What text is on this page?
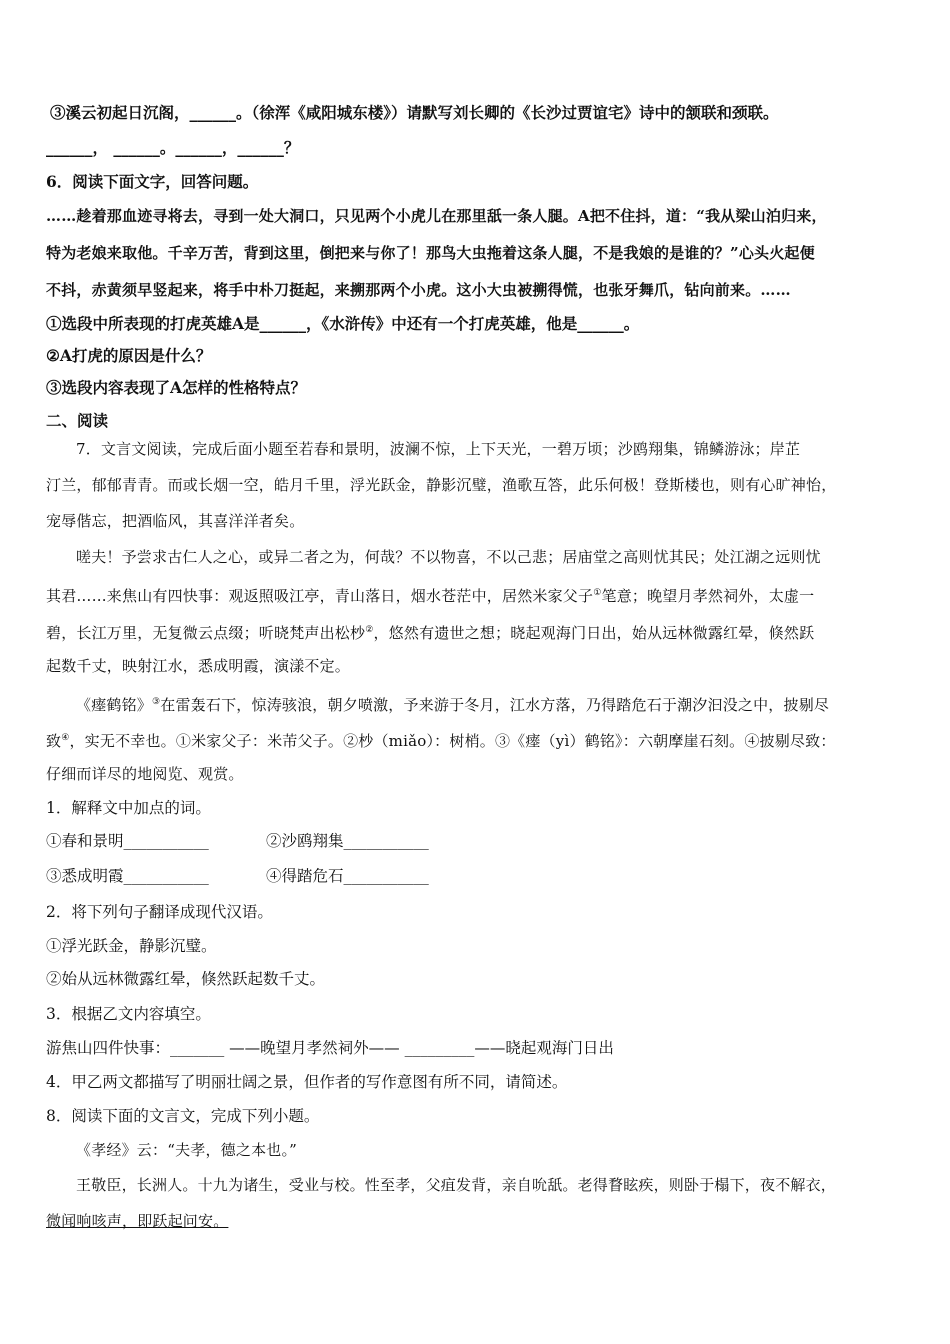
③溪云初起日沉阁，______。（徐浑《咸阳城东楼》）请默写刘长卿的《长沙过贾谊宅》诗中的颔联和颈联。
______， ______。______，______？
6．阅读下面文字，回答问题。
……趁着那血迹寻将去，寻到一处大洞口，只见两个小虎儿在那里舐一条人腿。A把不住抖，道：“我从梁山泊归来，
特为老娘来取他。千辛万苦，背到这里，倒把来与你了！那鸟大虫拖着这条人腿，不是我娘的是谁的？”心头火起便
不抖，赤黄须早竖起来，将手中朴刀挺起，来搠那两个小虎。这小大虫被搠得慌，也张牙舞爪，钻向前来。……
①选段中所表现的打虎英雄A是______，《水浒传》中还有一个打虎英雄，他是______。
②A打虎的原因是什么？
③选段内容表现了A怎样的性格特点？
二、阅读
7．文言文阅读，完成后面小题至若春和景明，波澜不惊，上下天光，一碧万顷；沙鸥翔集，锦鳞游泳；岸芷
汀兰，郁郁青青。而或长烟一空，皓月千里，浮光跃金，静影沉璧，渔歌互答，此乐何极！登斯楼也，则有心旷神怡，
宠辱偕忘，把酒临风，其喜洋洋者矣。
嗟夫！予尝求古仁人之心，或异二者之为，何哉？不以物喜，不以己悲；居庙堂之高则忧其民；处江湖之远则忧
其君……来焦山有四快事：观返照吸江亭，青山落日，烟水苍茫中，居然米家父子①笔意；晚望月孝然祠外，太虚一
碧，长江万里，无复微云点缀；听晓梵声出松杪②，悠然有遗世之想；晓起观海门日出，始从远林微露红晕，倏然跃
起数千丈，映射江水，悉成明霞，演漾不定。
《瘗鹤铭》③在雷轰石下，惊涛骇浪，朝夕喷激，予来游于冬月，江水方落，乃得踏危石于潮汐汩没之中，披剔尽
致④，实无不幸也。①米家父子：米芾父子。②杪（miǎo）：树梢。③《瘗（yì）鹤铭》：六朝摩崖石刻。④披剔尽致：
仔细而详尽的地阅览、观赏。
1．解释文中加点的词。
①春和景明___________	②沙鸥翔集___________
③悉成明霞___________	④得踏危石___________
2．将下列句子翻译成现代汉语。
①浮光跃金，静影沉璧。
②始从远林微露红晕，倏然跃起数千丈。
3．根据乙文内容填空。
游焦山四件快事：_______ ——晚望月孝然祠外—— _________——晓起观海门日出
4．甲乙两文都描写了明丽壮阔之景，但作者的写作意图有所不同，请简述。
8．阅读下面的文言文，完成下列小题。
《孝经》云：“夫孝，德之本也。”
王敬臣，长洲人。十九为诸生，受业与校。性至孝，父疽发背，亲自吮舐。老得瞀眩疾，则卧于榻下，夜不解衣，
微闻响咳声，即跃起问安。
